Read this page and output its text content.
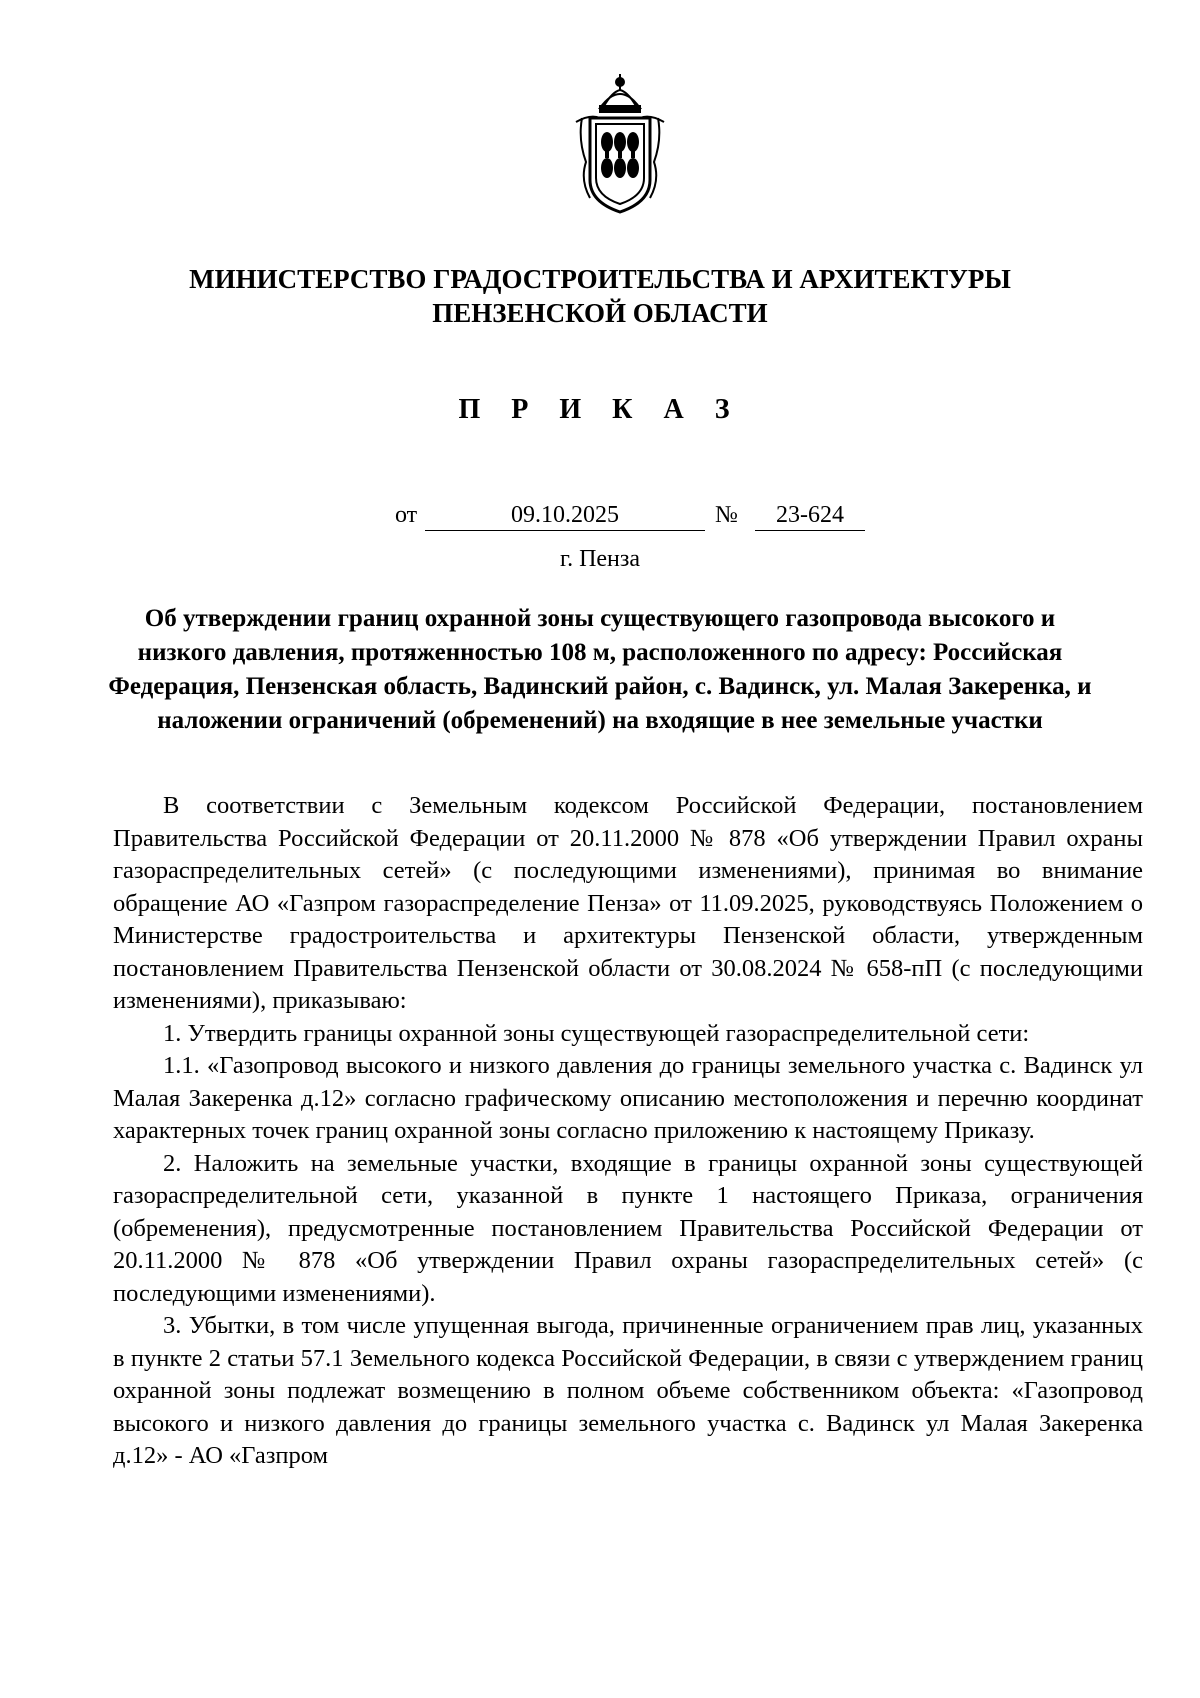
МИНИСТЕРСТВО ГРАДОСТРОИТЕЛЬСТВА И АРХИТЕКТУРЫ
ПЕНЗЕНСКОЙ ОБЛАСТИ
П Р И К А З
от	09.10.2025	№	23-624
г. Пенза
Об утверждении границ охранной зоны существующего газопровода высокого и низкого давления, протяженностью 108 м, расположенного по адресу: Российская Федерация, Пензенская область, Вадинский район, с. Вадинск, ул. Малая Закеренка, и наложении ограничений (обременений) на входящие в нее земельные участки

В соответствии с Земельным кодексом Российской Федерации, постановлением Правительства Российской Федерации от 20.11.2000 № 878 «Об утверждении Правил охраны газораспределительных сетей» (с последующими изменениями), принимая во внимание обращение АО «Газпром газораспределение Пенза» от 11.09.2025, руководствуясь Положением о Министерстве градостроительства и архитектуры Пензенской области, утвержденным постановлением Правительства Пензенской области от 30.08.2024 № 658-пП (с последующими изменениями), приказываю:

1. Утвердить границы охранной зоны существующей газораспределительной сети:

1.1. «Газопровод высокого и низкого давления до границы земельного участка с. Вадинск ул Малая Закеренка д.12» согласно графическому описанию местоположения и перечню координат характерных точек границ охранной зоны согласно приложению к настоящему Приказу.

2. Наложить на земельные участки, входящие в границы охранной зоны существующей газораспределительной сети, указанной в пункте 1 настоящего Приказа, ограничения (обременения), предусмотренные постановлением Правительства Российской Федерации от 20.11.2000 № 878 «Об утверждении Правил охраны газораспределительных сетей» (с последующими изменениями).

3. Убытки, в том числе упущенная выгода, причиненные ограничением прав лиц, указанных в пункте 2 статьи 57.1 Земельного кодекса Российской Федерации, в связи с утверждением границ охранной зоны подлежат возмещению в полном объеме собственником объекта: «Газопровод высокого и низкого давления до границы земельного участка с. Вадинск ул Малая Закеренка д.12» - АО «Газпром
